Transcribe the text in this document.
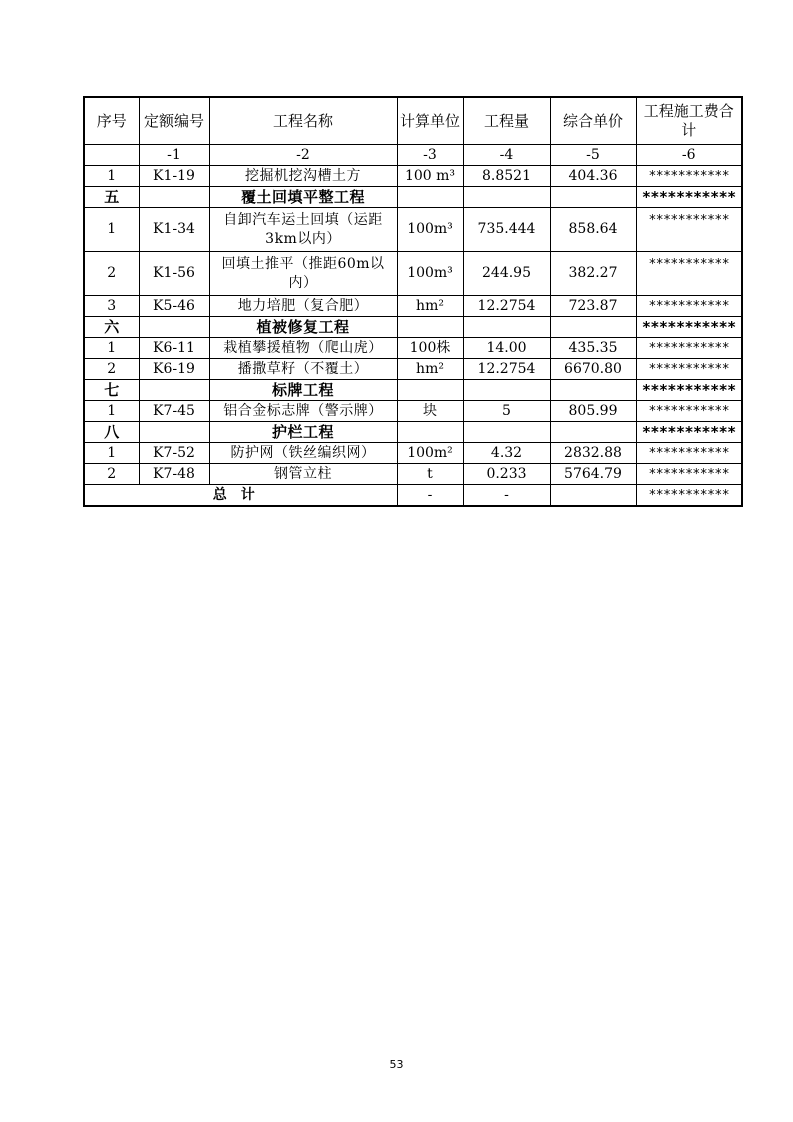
序号	定额编号	工程名称	计算单位	工程量	综合单价	工程施工费合计
	-1	-2	-3	-4	-5	-6
1	K1-19	挖掘机挖沟槽土方	100 m³	8.8521	404.36	***********
五		覆土回填平整工程				***********
1	K1-34	自卸汽车运土回填（运距3km以内）	100m³	735.444	858.64	***********
2	K1-56	回填土推平（推距60m以内）	100m³	244.95	382.27	***********
3	K5-46	地力培肥（复合肥）	hm²	12.2754	723.87	***********
六		植被修复工程				***********
1	K6-11	栽植攀援植物（爬山虎）	100株	14.00	435.35	***********
2	K6-19	播撒草籽（不覆土）	hm²	12.2754	6670.80	***********
七		标牌工程				***********
1	K7-45	铝合金标志牌（警示牌）	块	5	805.99	***********
八		护栏工程				***********
1	K7-52	防护网（铁丝编织网）	100m²	4.32	2832.88	***********
2	K7-48	钢管立柱	t	0.233	5764.79	***********
总计			-	-		***********
53
